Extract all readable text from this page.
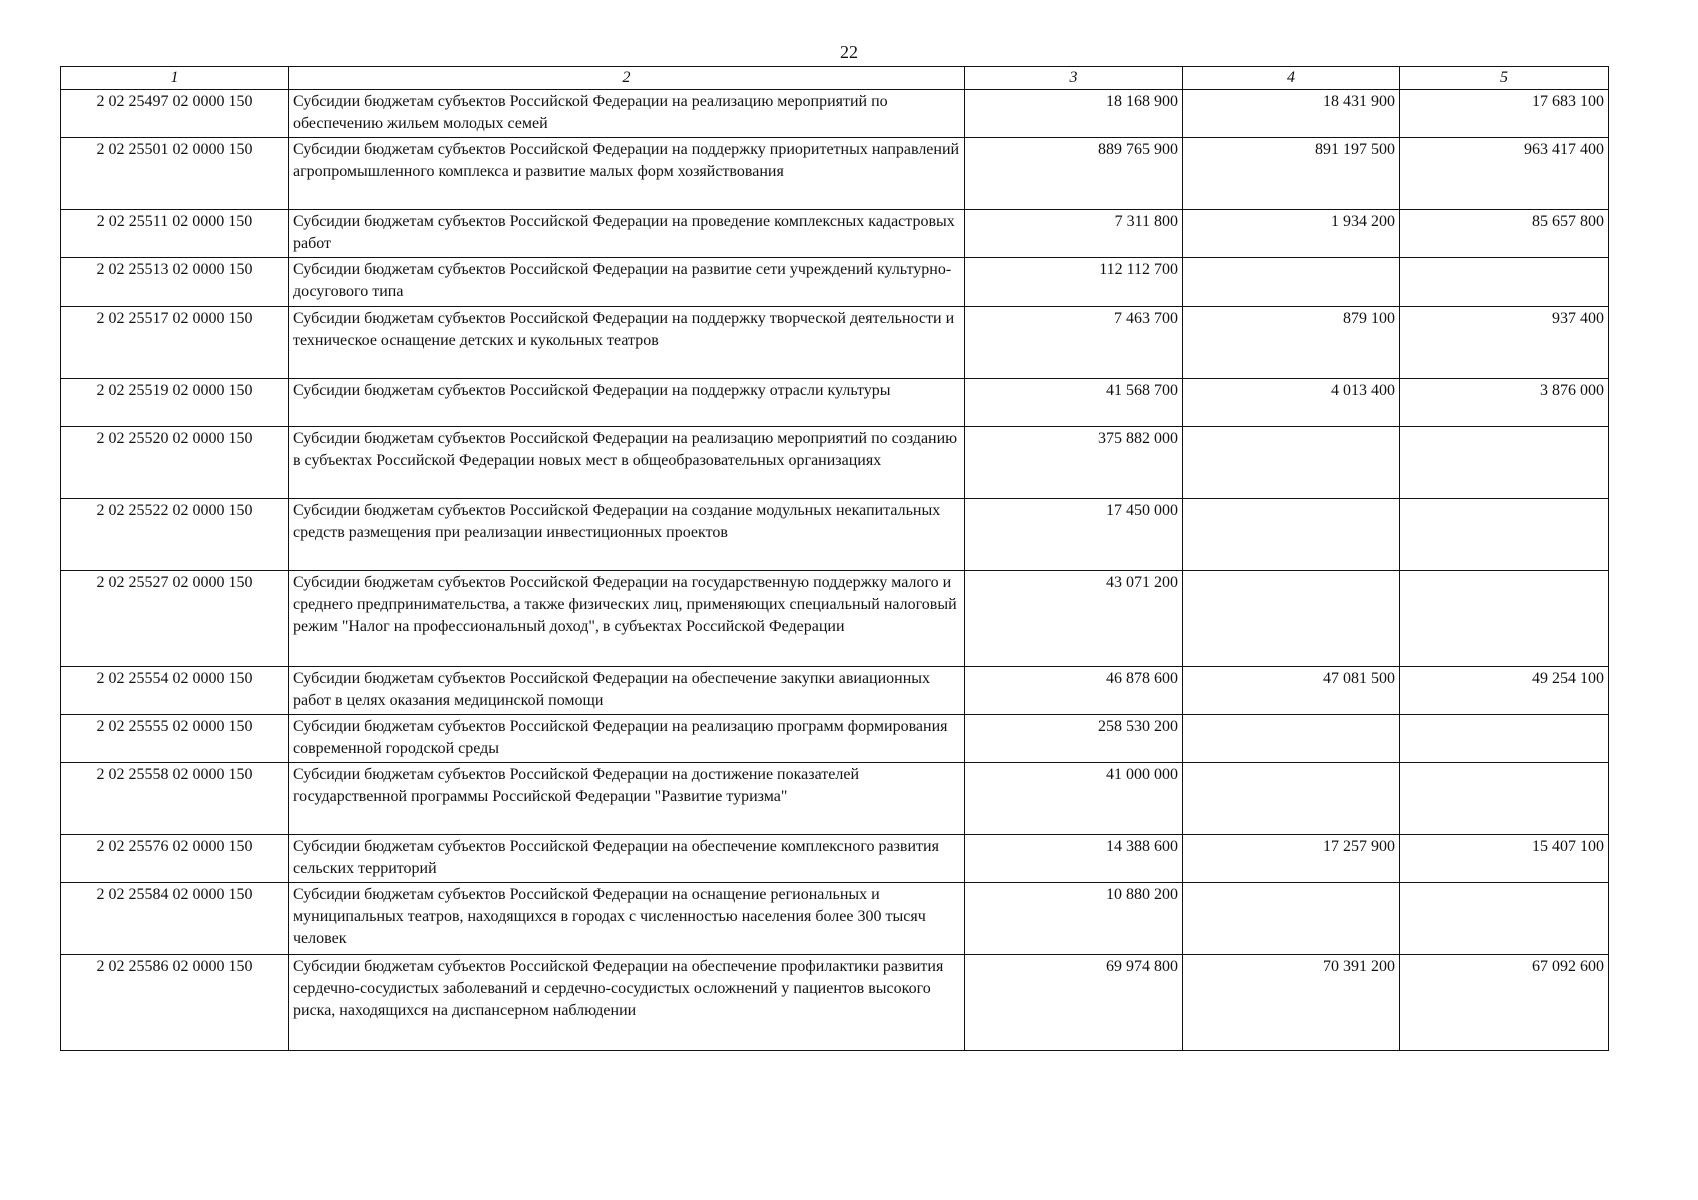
22
1	2	3	4	5
2 02 25497 02 0000 150	Субсидии бюджетам субъектов Российской Федерации на реализацию мероприятий по обеспечению жильем молодых семей	18 168 900	18 431 900	17 683 100
2 02 25501 02 0000 150	Субсидии бюджетам субъектов Российской Федерации на поддержку приоритетных направлений агропромышленного комплекса и развитие малых форм хозяйствования	889 765 900	891 197 500	963 417 400
2 02 25511 02 0000 150	Субсидии бюджетам субъектов Российской Федерации на проведение комплексных кадастровых работ	7 311 800	1 934 200	85 657 800
2 02 25513 02 0000 150	Субсидии бюджетам субъектов Российской Федерации на развитие сети учреждений культурно-досугового типа	112 112 700		
2 02 25517 02 0000 150	Субсидии бюджетам субъектов Российской Федерации на поддержку творческой деятельности и техническое оснащение детских и кукольных театров	7 463 700	879 100	937 400
2 02 25519 02 0000 150	Субсидии бюджетам субъектов Российской Федерации на поддержку отрасли культуры	41 568 700	4 013 400	3 876 000
2 02 25520 02 0000 150	Субсидии бюджетам субъектов Российской Федерации на реализацию мероприятий по созданию в субъектах Российской Федерации новых мест в общеобразовательных организациях	375 882 000		
2 02 25522 02 0000 150	Субсидии бюджетам субъектов Российской Федерации на создание модульных некапитальных средств размещения при реализации инвестиционных проектов	17 450 000		
2 02 25527 02 0000 150	Субсидии бюджетам субъектов Российской Федерации на государственную поддержку малого и среднего предпринимательства, а также физических лиц, применяющих специальный налоговый режим "Налог на профессиональный доход", в субъектах Российской Федерации	43 071 200		
2 02 25554 02 0000 150	Субсидии бюджетам субъектов Российской Федерации на обеспечение закупки авиационных работ в целях оказания медицинской помощи	46 878 600	47 081 500	49 254 100
2 02 25555 02 0000 150	Субсидии бюджетам субъектов Российской Федерации на реализацию программ формирования современной городской среды	258 530 200		
2 02 25558 02 0000 150	Субсидии бюджетам субъектов Российской Федерации на достижение показателей государственной программы Российской Федерации "Развитие туризма"	41 000 000		
2 02 25576 02 0000 150	Субсидии бюджетам субъектов Российской Федерации на обеспечение комплексного развития сельских территорий	14 388 600	17 257 900	15 407 100
2 02 25584 02 0000 150	Субсидии бюджетам субъектов Российской Федерации на оснащение региональных и муниципальных театров, находящихся в городах с численностью населения более 300 тысяч человек	10 880 200		
2 02 25586 02 0000 150	Субсидии бюджетам субъектов Российской Федерации на обеспечение профилактики развития сердечно-сосудистых заболеваний и сердечно-сосудистых осложнений у пациентов высокого риска, находящихся на диспансерном наблюдении	69 974 800	70 391 200	67 092 600
